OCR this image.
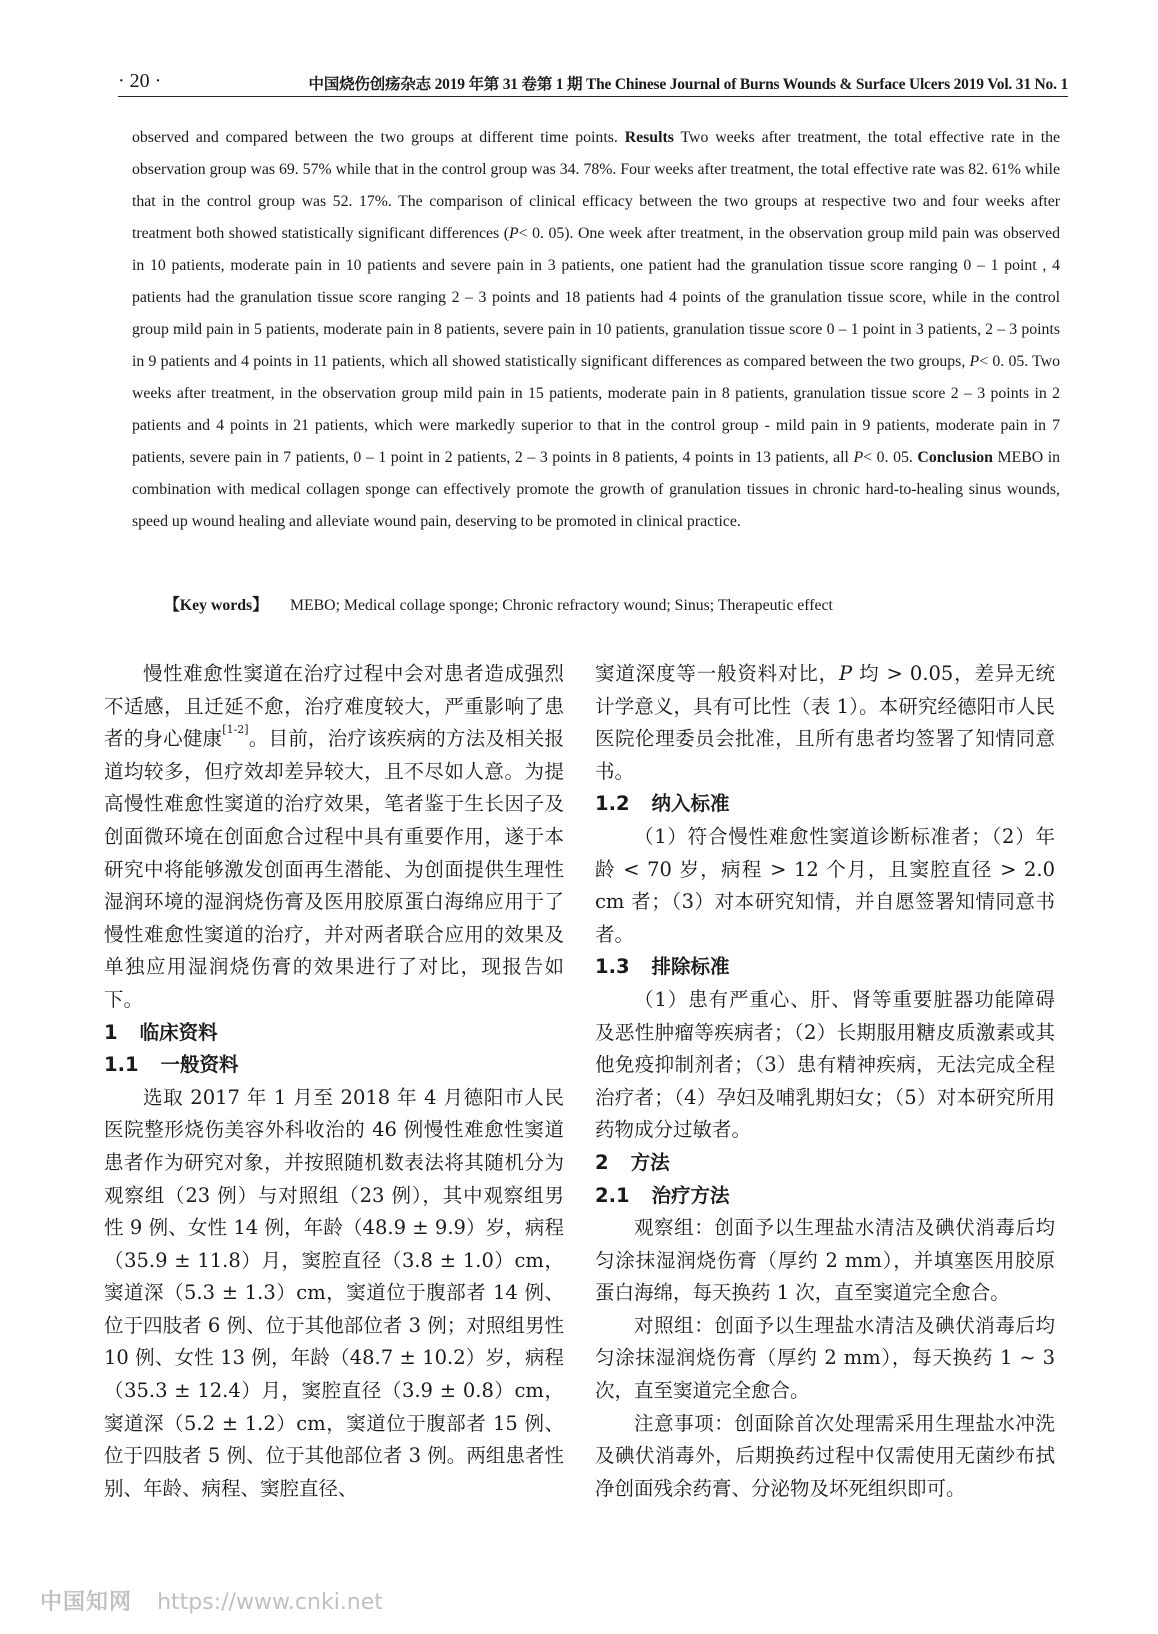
· 20 ·	中国烧伤创疡杂志 2019 年第 31 卷第 1 期 The Chinese Journal of Burns Wounds & Surface Ulcers 2019 Vol. 31 No. 1
observed and compared between the two groups at different time points. Results Two weeks after treatment, the total effective rate in the observation group was 69. 57% while that in the control group was 34. 78%. Four weeks after treatment, the total effective rate was 82. 61% while that in the control group was 52. 17%. The comparison of clinical efficacy between the two groups at respective two and four weeks after treatment both showed statistically significant differences (P< 0. 05). One week after treatment, in the observation group mild pain was observed in 10 patients, moderate pain in 10 patients and severe pain in 3 patients, one patient had the granulation tissue score ranging 0 – 1 point , 4 patients had the granulation tissue score ranging 2 – 3 points and 18 patients had 4 points of the granulation tissue score, while in the control group mild pain in 5 patients, moderate pain in 8 patients, severe pain in 10 patients, granulation tissue score 0 – 1 point in 3 patients, 2 – 3 points in 9 patients and 4 points in 11 patients, which all showed statistically significant differences as compared between the two groups, P< 0. 05. Two weeks after treatment, in the observation group mild pain in 15 patients, moderate pain in 8 patients, granulation tissue score 2 – 3 points in 2 patients and 4 points in 21 patients, which were markedly superior to that in the control group - mild pain in 9 patients, moderate pain in 7 patients, severe pain in 7 patients, 0 – 1 point in 2 patients, 2 – 3 points in 8 patients, 4 points in 13 patients, all P< 0. 05. Conclusion MEBO in combination with medical collagen sponge can effectively promote the growth of granulation tissues in chronic hard-to-healing sinus wounds, speed up wound healing and alleviate wound pain, deserving to be promoted in clinical practice.
【Key words】 MEBO; Medical collage sponge; Chronic refractory wound; Sinus; Therapeutic effect

慢性难愈性窦道在治疗过程中会对患者造成强烈不适感，且迁延不愈，治疗难度较大，严重影响了患者的身心健康[1-2]。目前，治疗该疾病的方法及相关报道均较多，但疗效却差异较大，且不尽如人意。为提高慢性难愈性窦道的治疗效果，笔者鉴于生长因子及创面微环境在创面愈合过程中具有重要作用，遂于本研究中将能够激发创面再生潜能、为创面提供生理性湿润环境的湿润烧伤膏及医用胶原蛋白海绵应用于了慢性难愈性窦道的治疗，并对两者联合应用的效果及单独应用湿润烧伤膏的效果进行了对比，现报告如下。

1 临床资料
1.1 一般资料

选取 2017 年 1 月至 2018 年 4 月德阳市人民医院整形烧伤美容外科收治的 46 例慢性难愈性窦道患者作为研究对象，并按照随机数表法将其随机分为观察组（23 例）与对照组（23 例），其中观察组男性 9 例、女性 14 例，年龄（48.9 ± 9.9）岁，病程（35.9 ± 11.8）月，窦腔直径（3.8 ± 1.0）cm，窦道深（5.3 ± 1.3）cm，窦道位于腹部者 14 例、位于四肢者 6 例、位于其他部位者 3 例；对照组男性 10 例、女性 13 例，年龄（48.7 ± 10.2）岁，病程（35.3 ± 12.4）月，窦腔直径（3.9 ± 0.8）cm，窦道深（5.2 ± 1.2）cm，窦道位于腹部者 15 例、位于四肢者 5 例、位于其他部位者 3 例。两组患者性别、年龄、病程、窦腔直径、

窦道深度等一般资料对比，P 均 > 0.05，差异无统计学意义，具有可比性（表 1）。本研究经德阳市人民医院伦理委员会批准，且所有患者均签署了知情同意书。

1.2 纳入标准

（1）符合慢性难愈性窦道诊断标准者；（2）年龄 < 70 岁，病程 > 12 个月，且窦腔直径 > 2.0 cm 者；（3）对本研究知情，并自愿签署知情同意书者。

1.3 排除标准

（1）患有严重心、肝、肾等重要脏器功能障碍及恶性肿瘤等疾病者；（2）长期服用糖皮质激素或其他免疫抑制剂者；（3）患有精神疾病，无法完成全程治疗者；（4）孕妇及哺乳期妇女；（5）对本研究所用药物成分过敏者。

2 方法
2.1 治疗方法

观察组：创面予以生理盐水清洁及碘伏消毒后均匀涂抹湿润烧伤膏（厚约 2 mm），并填塞医用胶原蛋白海绵，每天换药 1 次，直至窦道完全愈合。

对照组：创面予以生理盐水清洁及碘伏消毒后均匀涂抹湿润烧伤膏（厚约 2 mm），每天换药 1 ~ 3 次，直至窦道完全愈合。

注意事项：创面除首次处理需采用生理盐水冲洗及碘伏消毒外，后期换药过程中仅需使用无菌纱布拭净创面残余药膏、分泌物及坏死组织即可。

中国知网 https://www.cnki.net
